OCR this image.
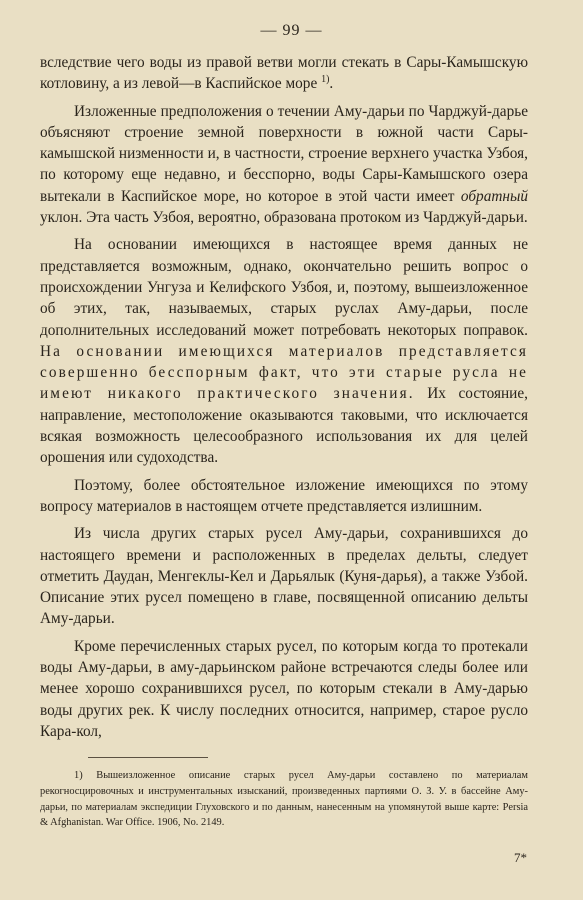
— 99 —

вследствие чего воды из правой ветви могли стекать в Сары-Камышскую котловину, а из левой—в Каспийское море $^{1)}$.

Изложенные предположения о течении Аму-дарьи по Чарджуй-дарье объясняют строение земной поверхности в южной части Сары-камышской низменности и, в частности, строение верхнего участка Узбоя, по которому еще недавно, и бесспорно, воды Сары-Камышского озера вытекали в Каспийское море, но которое в этой части имеет обратный уклон. Эта часть Узбоя, вероятно, образована протоком из Чарджуй-дарьи.

На основании имеющихся в настоящее время данных не представляется возможным, однако, окончательно решить вопрос о происхождении Унгуза и Келифского Узбоя, и, поэтому, вышеизложенное об этих, так, называемых, старых руслах Аму-дарьи, после дополнительных исследований может потребовать некоторых поправок. На основании имеющихся материалов представляется совершенно бесспорным факт, что эти старые русла не имеют никакого практического значения. Их состояние, направление, местоположение оказываются таковыми, что исключается всякая возможность целесообразного использования их для целей орошения или судоходства.

Поэтому, более обстоятельное изложение имеющихся по этому вопросу материалов в настоящем отчете представляется излишним.

Из числа других старых русел Аму-дарьи, сохранившихся до настоящего времени и расположенных в пределах дельты, следует отметить Даудан, Менгеклы-Кел и Дарьялык (Куня-дарья), а также Узбой. Описание этих русел помещено в главе, посвященной описанию дельты Аму-дарьи.

Кроме перечисленных старых русел, по которым когда то протекали воды Аму-дарьи, в аму-дарьинском районе встречаются следы более или менее хорошо сохранившихся русел, по которым стекали в Аму-дарью воды других рек. К числу последних относится, например, старое русло Кара-кол,

1) Вышеизложенное описание старых русел Аму-дарьи составлено по материалам рекогносцировочных и инструментальных изысканий, произведенных партиями О. З. У. в бассейне Аму-дарьи, по материалам экспедиции Глуховского и по данным, нанесенным на упомянутой выше карте: Persia & Afghanistan. War Office. 1906, No. 2149.

7*
